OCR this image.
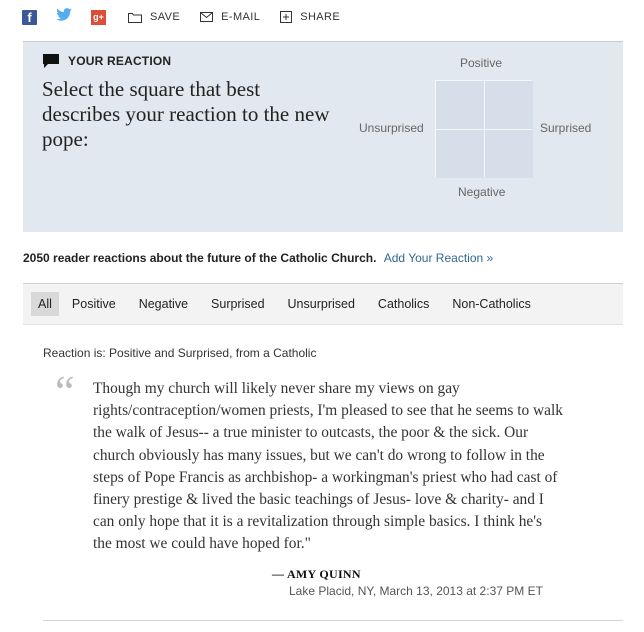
f	g+	SAVE	E-MAIL	SHARE
YOUR REACTION
Select the square that best describes your reaction to the new pope:
Positive
Unsurprised	Surprised
Negative
2050 reader reactions about the future of the Catholic Church. Add Your Reaction »
All	Positive	Negative	Surprised	Unsurprised	Catholics	Non-Catholics
Reaction is: Positive and Surprised, from a Catholic
“ Though my church will likely never share my views on gay rights/contraception/women priests, I'm pleased to see that he seems to walk the walk of Jesus-- a true minister to outcasts, the poor & the sick. Our church obviously has many issues, but we can't do wrong to follow in the steps of Pope Francis as archbishop- a workingman's priest who had cast of finery prestige & lived the basic teachings of Jesus- love & charity- and I can only hope that it is a revitalization through simple basics. I think he's the most we could have hoped for."
— AMY QUINN
Lake Placid, NY, March 13, 2013 at 2:37 PM ET
